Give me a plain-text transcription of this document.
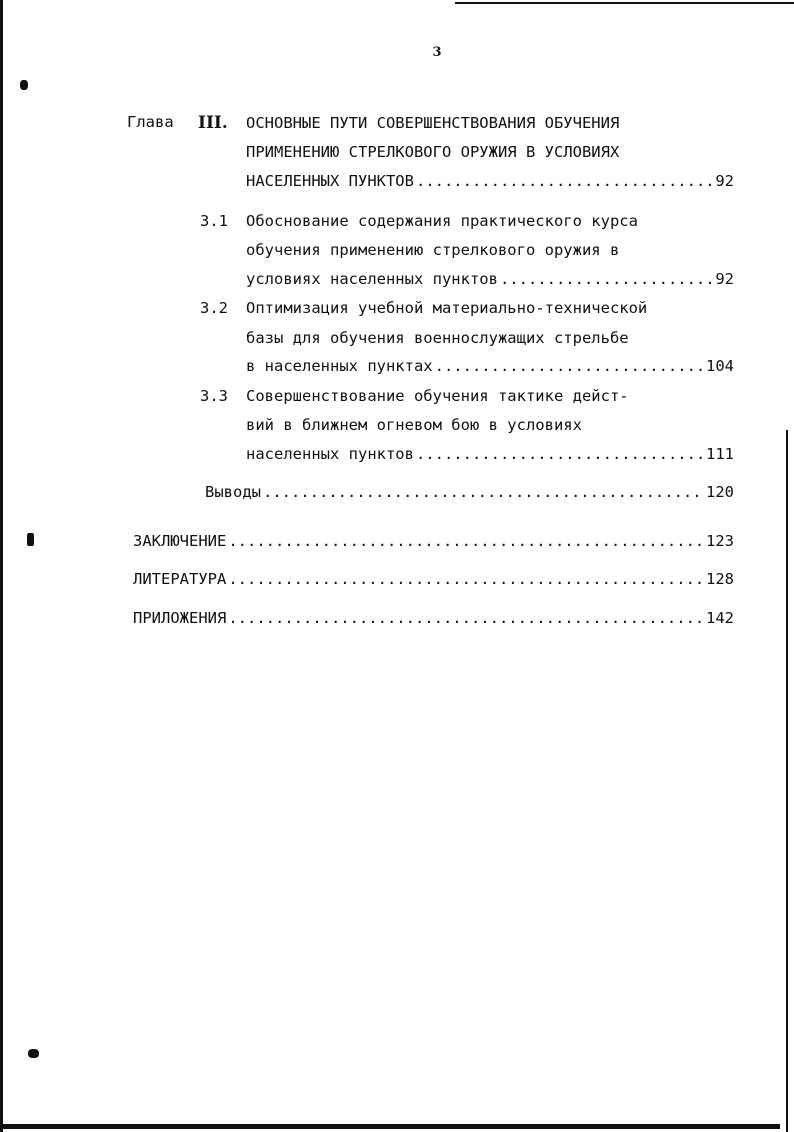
3
Глава III. ОСНОВНЫЕ ПУТИ СОВЕРШЕНСТВОВАНИЯ ОБУЧЕНИЯ
ПРИМЕНЕНИЮ СТРЕЛКОВОГО ОРУЖИЯ В УСЛОВИЯХ
НАСЕЛЕННЫХ ПУНКТОВ .....	92
3.1 Обоснование содержания практического курса
обучения применению стрелкового оружия в
условиях населенных пунктов .....	92
3.2 Оптимизация учебной материально-технической
базы для обучения военнослужащих стрельбе
в населенных пунктах .....	104
3.3 Совершенствование обучения тактике дейст-
вий в ближнем огневом бою в условиях
населенных пунктов .....	111
Выводы .....	120
ЗАКЛЮЧЕНИЕ .....	123
ЛИТЕРАТУРА .....	128
ПРИЛОЖЕНИЯ .....	142
